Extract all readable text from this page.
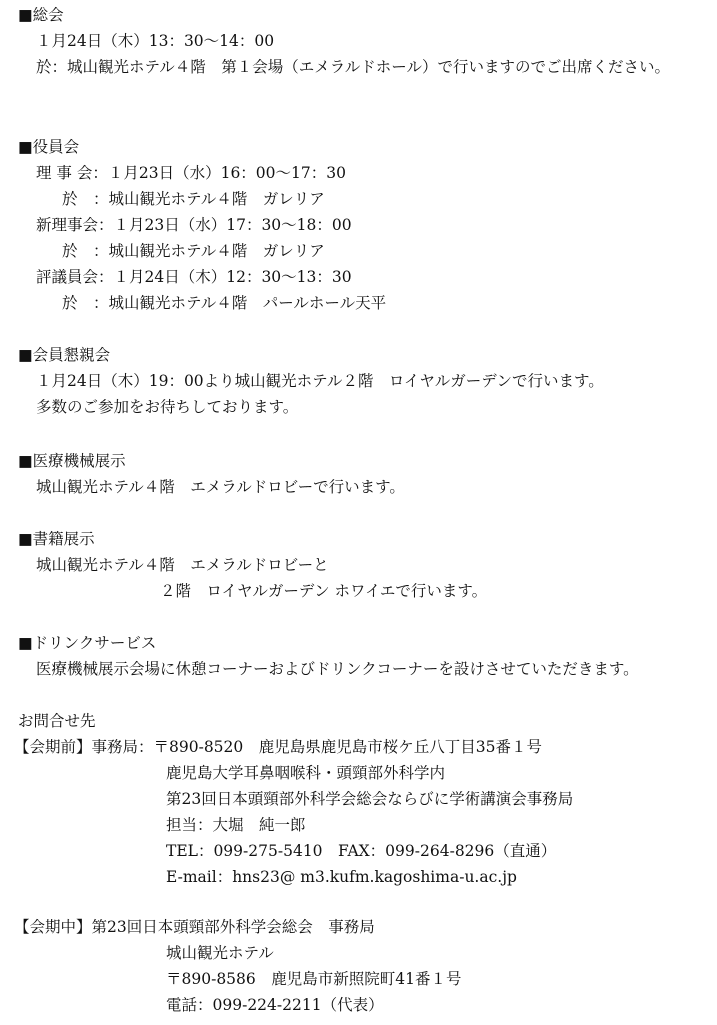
■総会
１月24日（木）13：30～14：00
於：城山観光ホテル４階　第１会場（エメラルドホール）で行いますのでご出席ください。
■役員会
理 事 会：１月23日（水）16：00～17：30
於　：城山観光ホテル４階　ガレリア
新理事会：１月23日（水）17：30～18：00
於　：城山観光ホテル４階　ガレリア
評議員会：１月24日（木）12：30～13：30
於　：城山観光ホテル４階　パールホール天平
■会員懇親会
１月24日（木）19：00より城山観光ホテル２階　ロイヤルガーデンで行います。
多数のご参加をお待ちしております。
■医療機械展示
城山観光ホテル４階　エメラルドロビーで行います。
■書籍展示
城山観光ホテル４階　エメラルドロビーと
２階　ロイヤルガーデン ホワイエで行います。
■ドリンクサービス
医療機械展示会場に休憩コーナーおよびドリンクコーナーを設けさせていただきます。
お問合せ先
【会期前】事務局：〒890-8520　鹿児島県鹿児島市桜ケ丘八丁目35番１号
鹿児島大学耳鼻咽喉科・頭頸部外科学内
第23回日本頭頸部外科学会総会ならびに学術講演会事務局
担当：大堀　純一郎
TEL：099-275-5410　FAX：099-264-8296（直通）
E-mail：hns23@ m3.kufm.kagoshima-u.ac.jp
【会期中】第23回日本頭頸部外科学会総会　事務局
城山観光ホテル
〒890-8586　鹿児島市新照院町41番１号
電話：099-224-2211（代表）
